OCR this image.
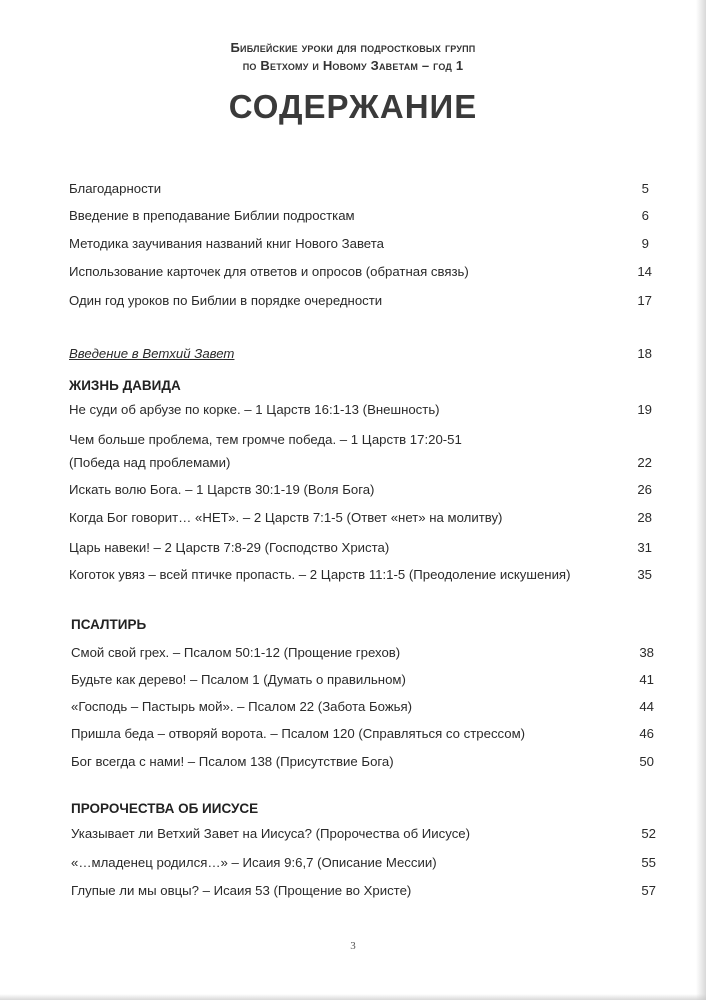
Библейские уроки для подростковых групп
по Ветхому и Новому Заветам – год 1
СОДЕРЖАНИЕ
Благодарности	5
Введение в преподавание Библии подросткам	6
Методика заучивания названий книг Нового Завета	9
Использование карточек для ответов и опросов (обратная связь)	14
Один год уроков по Библии в порядке очередности	17
Введение в Ветхий Завет	18
ЖИЗНЬ ДАВИДА
Не суди об арбузе по корке. – 1 Царств 16:1-13 (Внешность)	19
Чем больше проблема, тем громче победа. – 1 Царств 17:20-51
(Победа над проблемами)	22
Искать волю Бога. – 1 Царств 30:1-19 (Воля Бога)	26
Когда Бог говорит… «НЕТ». – 2 Царств 7:1-5 (Ответ «нет» на молитву)	28
Царь навеки! – 2 Царств 7:8-29 (Господство Христа)	31
Коготок увяз – всей птичке пропасть. – 2 Царств 11:1-5 (Преодоление искушения)	35
ПСАЛТИРЬ
Смой свой грех. – Псалом 50:1-12 (Прощение грехов)	38
Будьте как дерево! – Псалом 1 (Думать о правильном)	41
«Господь – Пастырь мой». – Псалом 22 (Забота Божья)	44
Пришла беда – отворяй ворота. – Псалом 120 (Справляться со стрессом)	46
Бог всегда с нами! – Псалом 138 (Присутствие Бога)	50
ПРОРОЧЕСТВА ОБ ИИСУСЕ
Указывает ли Ветхий Завет на Иисуса? (Пророчества об Иисусе)	52
«…младенец родился…» – Исаия 9:6,7 (Описание Мессии)	55
Глупые ли мы овцы? – Исаия 53 (Прощение во Христе)	57
3
